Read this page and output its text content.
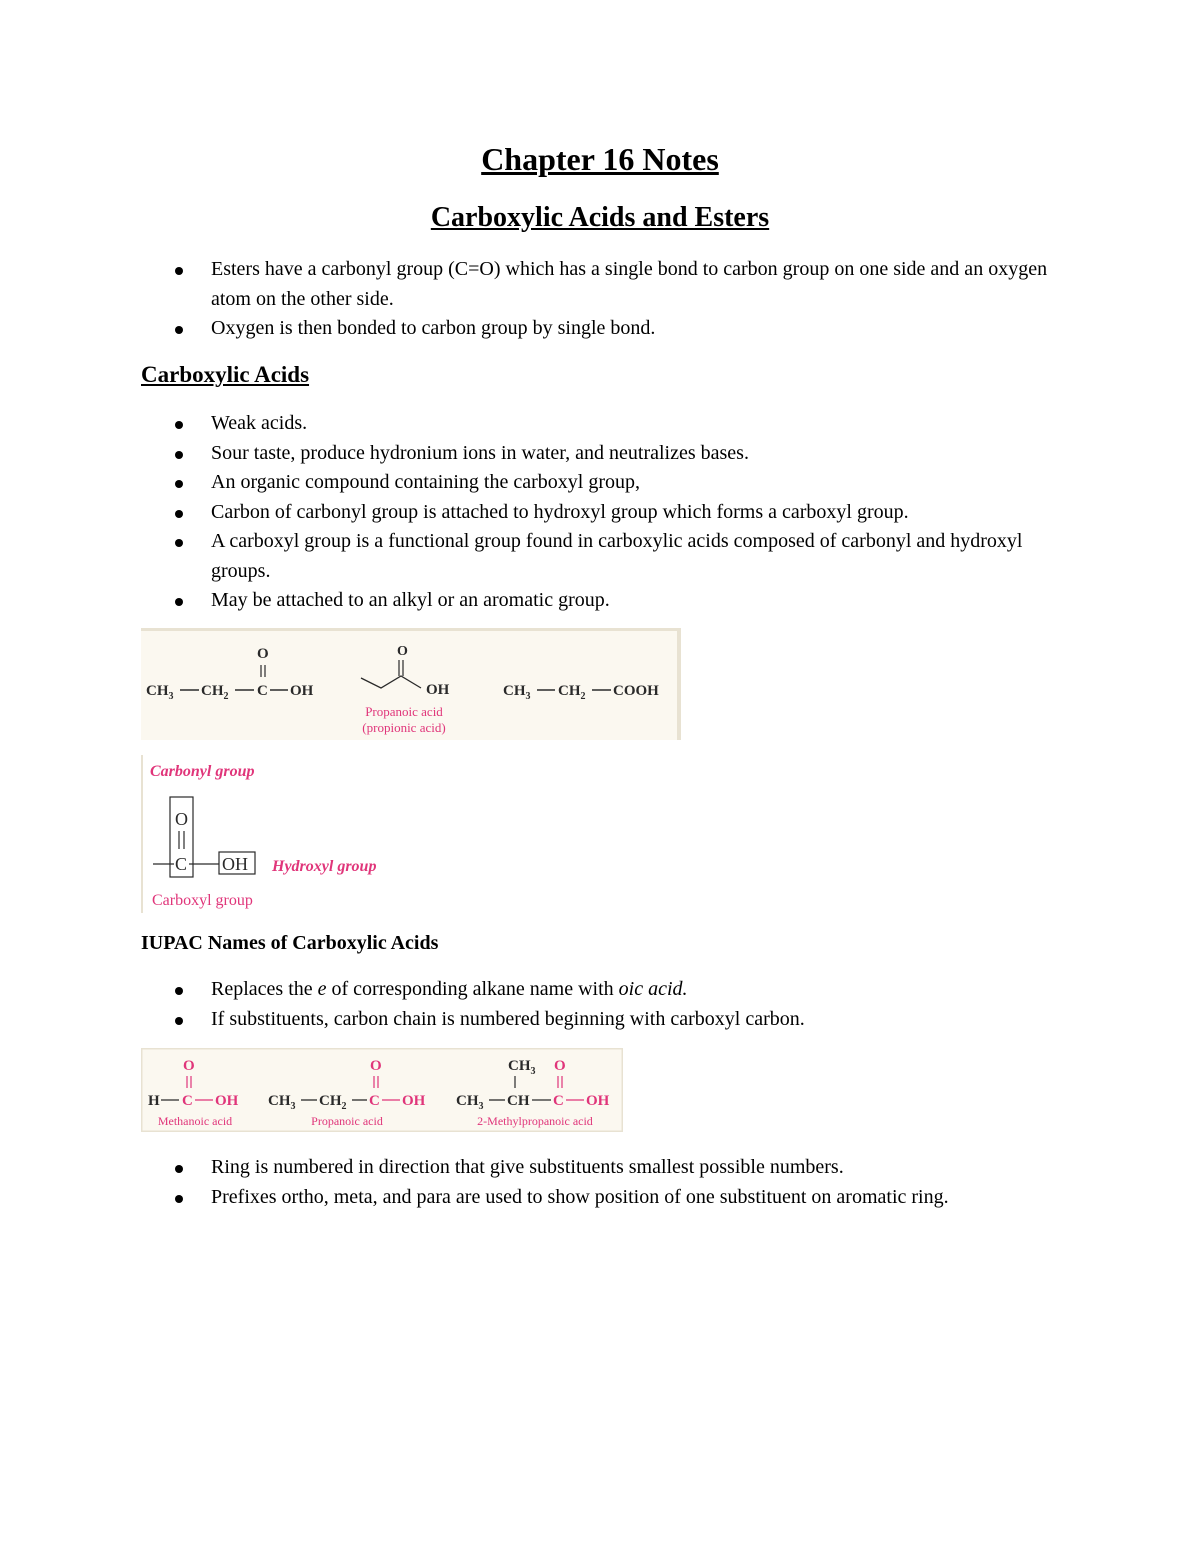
Chapter 16 Notes
Carboxylic Acids and Esters
Esters have a carbonyl group (C=O) which has a single bond to carbon group on one side and an oxygen atom on the other side.
Oxygen is then bonded to carbon group by single bond.
Carboxylic Acids
Weak acids.
Sour taste, produce hydronium ions in water, and neutralizes bases.
An organic compound containing the carboxyl group,
Carbon of carbonyl group is attached to hydroxyl group which forms a carboxyl group.
A carboxyl group is a functional group found in carboxylic acids composed of carbonyl and hydroxyl groups.
May be attached to an alkyl or an aromatic group.
O
$CH_3$ $CH_2$ C OH
O
OH
Propanoic acid
(propionic acid)
$CH_3$ $CH_2$ COOH
Carbonyl group
O
C OH Hydroxyl group
Carboxyl group
IUPAC Names of Carboxylic Acids
Replaces the e of corresponding alkane name with oic acid.
If substituents, carbon chain is numbered beginning with carboxyl carbon.
O
H C OH
Methanoic acid
O
$CH_3$ $CH_2$ C OH
Propanoic acid
$CH_3$ O
$CH_3$ CH C OH
2-Methylpropanoic acid
Ring is numbered in direction that give substituents smallest possible numbers.
Prefixes ortho, meta, and para are used to show position of one substituent on aromatic ring.
